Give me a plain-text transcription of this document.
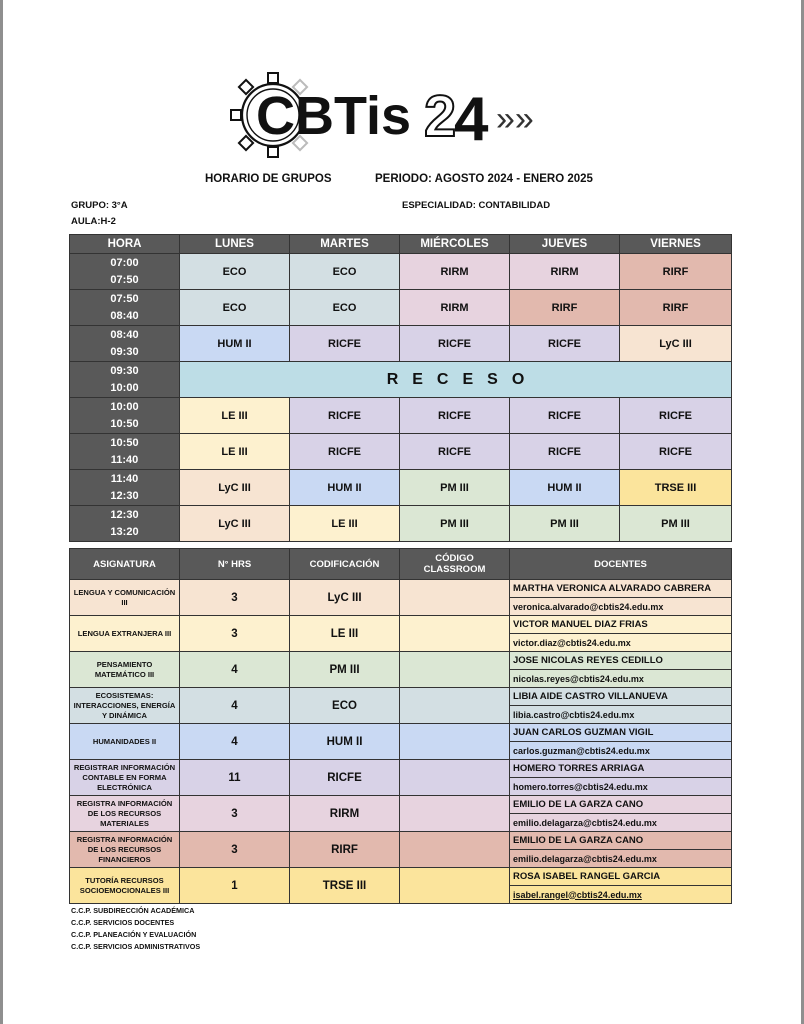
CBTis 2
4 »»
HORARIO DE GRUPOS	PERIODO: AGOSTO 2024 - ENERO 2025
GRUPO: 3°A
AULA:H-2
ESPECIALIDAD: CONTABILIDAD
HORA	LUNES	MARTES	MIÉRCOLES	JUEVES	VIERNES

07:00
07:50	ECO	ECO	RIRM	RIRM	RIRF

07:50
08:40	ECO	ECO	RIRM	RIRF	RIRF

08:40
09:30	HUM II	RICFE	RICFE	RICFE	LyC III

09:30
10:00	RECESO				

10:00
10:50	LE III	RICFE	RICFE	RICFE	RICFE

10:50
11:40	LE III	RICFE	RICFE	RICFE	RICFE

11:40
12:30	LyC III	HUM II	PM III	HUM II	TRSE III

12:30
13:20	LyC III	LE III	PM III	PM III	PM III
ASIGNATURA	N° HRS	CODIFICACIÓN	CÓDIGO CLASSROOM	DOCENTES
LENGUA Y COMUNICACIÓN III	3	LyC III		MARTHA VERONICA ALVARADO CABRERA
				veronica.alvarado@cbtis24.edu.mx
LENGUA EXTRANJERA III	3	LE III		VICTOR MANUEL DIAZ FRIAS
				victor.diaz@cbtis24.edu.mx
PENSAMIENTO MATEMÁTICO III	4	PM III		JOSE NICOLAS REYES CEDILLO
				nicolas.reyes@cbtis24.edu.mx
ECOSISTEMAS: INTERACCIONES, ENERGÍA Y DINÁMICA	4	ECO		LIBIA AIDE CASTRO VILLANUEVA
				libia.castro@cbtis24.edu.mx
HUMANIDADES II	4	HUM II		JUAN CARLOS GUZMAN VIGIL
				carlos.guzman@cbtis24.edu.mx
REGISTRAR INFORMACIÓN CONTABLE EN FORMA ELECTRÓNICA	11	RICFE		HOMERO TORRES ARRIAGA
				homero.torres@cbtis24.edu.mx
REGISTRA INFORMACIÓN DE LOS RECURSOS MATERIALES	3	RIRM		EMILIO DE LA GARZA CANO
				emilio.delagarza@cbtis24.edu.mx
REGISTRA INFORMACIÓN DE LOS RECURSOS FINANCIEROS	3	RIRF		EMILIO DE LA GARZA CANO
				emilio.delagarza@cbtis24.edu.mx
TUTORÍA RECURSOS SOCIOEMOCIONALES III	1	TRSE III		ROSA ISABEL RANGEL GARCIA
				isabel.rangel@cbtis24.edu.mx
C.C.P. SUBDIRECCIÓN ACADÉMICA
C.C.P. SERVICIOS DOCENTES
C.C.P. PLANEACIÓN Y EVALUACIÓN
C.C.P. SERVICIOS ADMINISTRATIVOS
